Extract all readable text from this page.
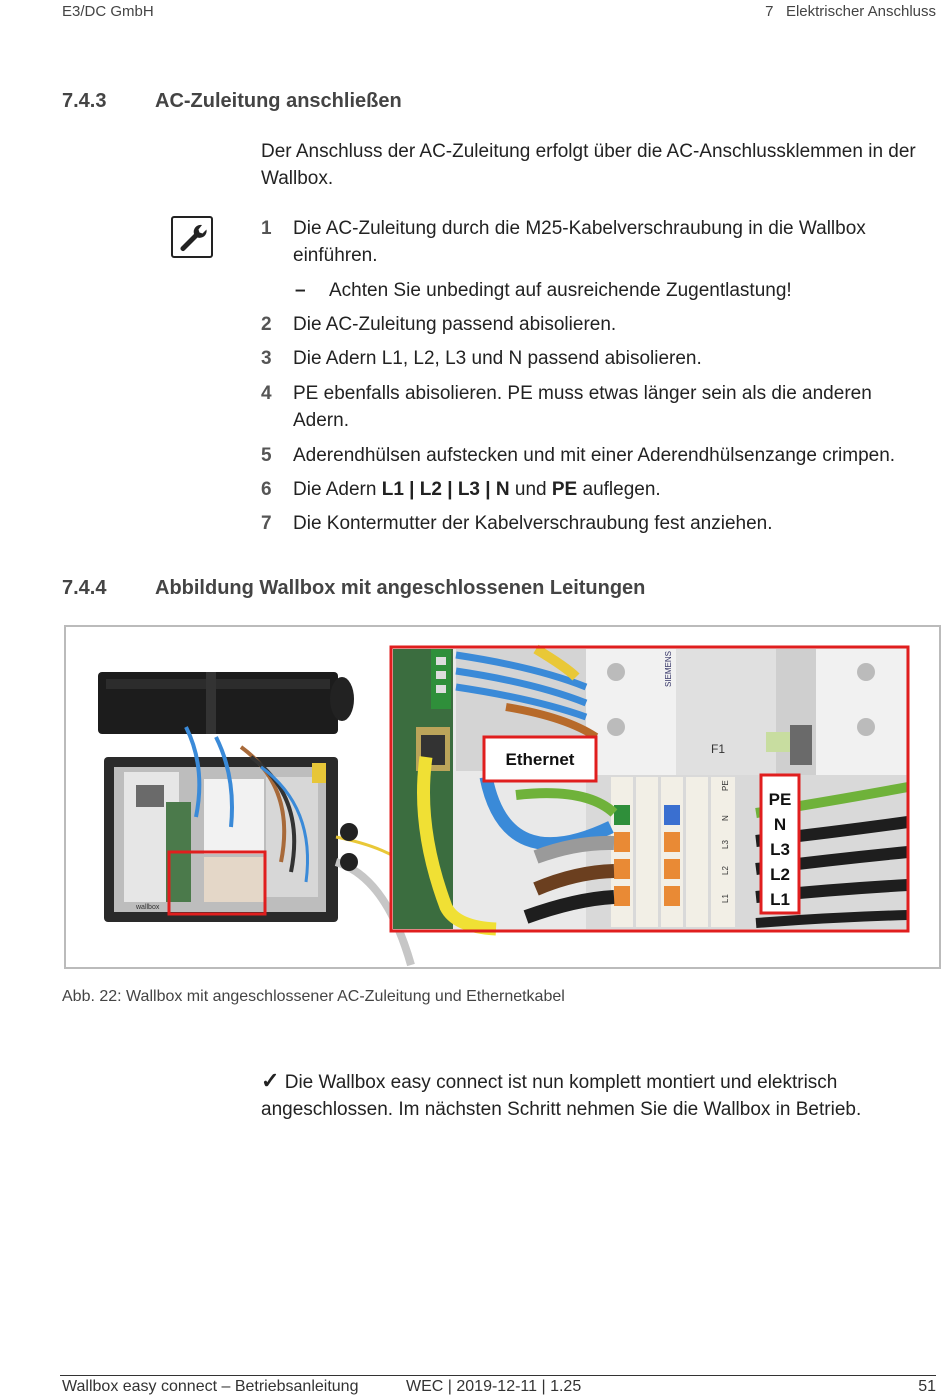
E3/DC GmbH	7   Elektrischer Anschluss
7.4.3 AC-Zuleitung anschließen
Der Anschluss der AC-Zuleitung erfolgt über die AC-Anschlussklemmen in der Wallbox.
1 Die AC-Zuleitung durch die M25-Kabelverschraubung in die Wallbox einführen.
– Achten Sie unbedingt auf ausreichende Zugentlastung!
2 Die AC-Zuleitung passend abisolieren.
3 Die Adern L1, L2, L3 und N passend abisolieren.
4 PE ebenfalls abisolieren. PE muss etwas länger sein als die anderen Adern.
5 Aderendhülsen aufstecken und mit einer Aderendhülsenzange crimpen.
6 Die Adern L1 | L2 | L3 | N und PE auflegen.
7 Die Kontermutter der Kabelverschraubung fest anziehen.
7.4.4 Abbildung Wallbox mit angeschlossenen Leitungen
wallbox
SIEMENS
F1
PE
N
L3
L2
L1
Ethernet
PE
N
L3
L2
L1
Abb. 22: Wallbox mit angeschlossener AC-Zuleitung und Ethernetkabel
✓ Die Wallbox easy connect ist nun komplett montiert und elektrisch angeschlossen. Im nächsten Schritt nehmen Sie die Wallbox in Betrieb.
Wallbox easy connect – Betriebsanleitung	WEC | 2019-12-11 | 1.25	51
